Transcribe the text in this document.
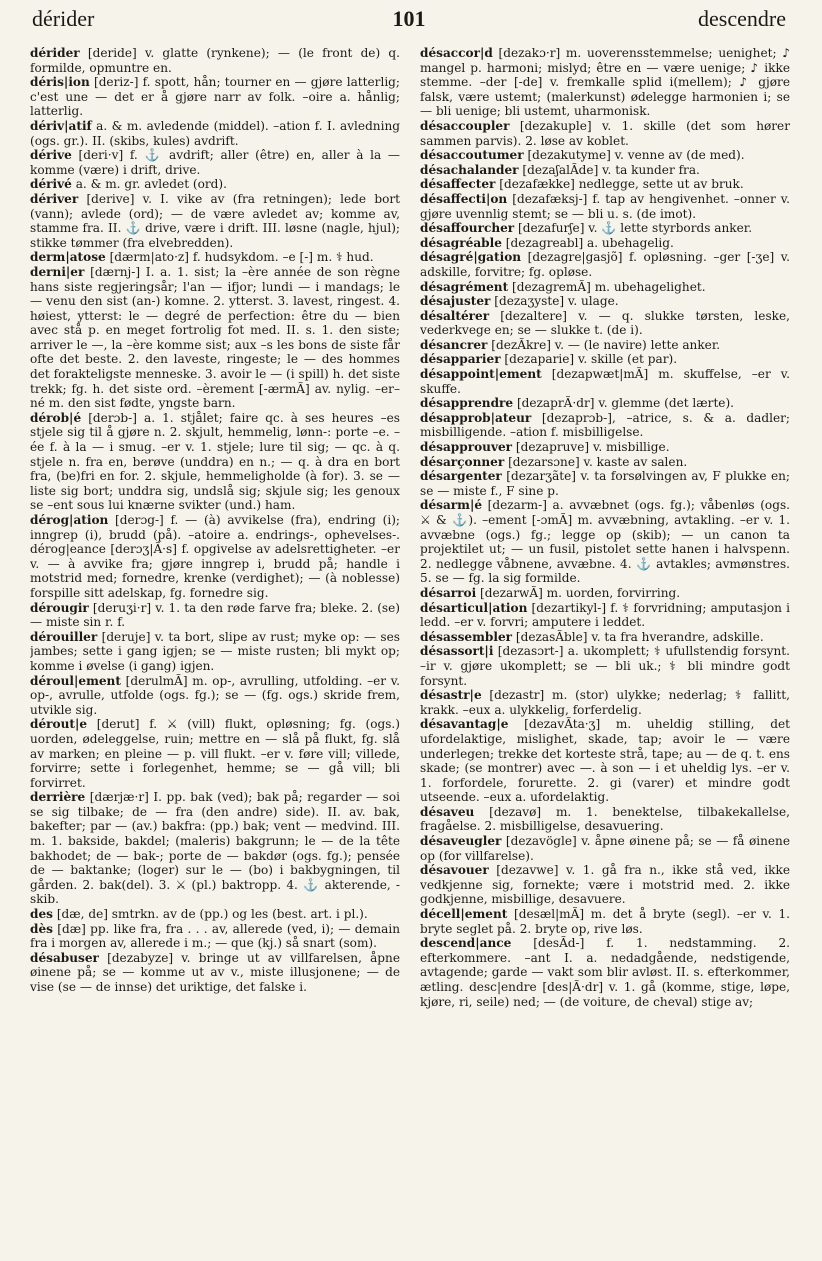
dérider	101	descendre

dérider [deride] v. glatte (rynkene); — (le front de) q. formilde, opmuntre en.

déris|ion [deriz-] f. spott, hån; tourner en — gjøre latterlig; c'est une — det er å gjøre narr av folk. –oire a. hånlig; latterlig.

dériv|atif a. & m. avledende (middel). –ation f. I. avledning (ogs. gr.). II. (skibs, kules) avdrift.

dérive [deri·v] f. ⚓ avdrift; aller (être) en, aller à la — komme (være) i drift, drive.

dérivé a. & m. gr. avledet (ord).

dériver [derive] v. I. vike av (fra retningen); lede bort (vann); avlede (ord); — de være avledet av; komme av, stamme fra. II. ⚓ drive, være i drift. III. løsne (nagle, hjul); stikke tømmer (fra elvebredden).

derm|atose [dærm|ato·z] f. hudsykdom. –e [-] m. ⚕ hud.

derni|er [dærnj-] I. a. 1. sist; la –ère année de son règne hans siste regjeringsår; l'an — ifjor; lundi — i mandags; le — venu den sist (an-) komne. 2. ytterst. 3. lavest, ringest. 4. høiest, ytterst: le — degré de perfection: être du — bien avec stå p. en meget fortrolig fot med. II. s. 1. den siste; arriver le —, la –ère komme sist; aux –s les bons de siste får ofte det beste. 2. den laveste, ringeste; le — des hommes det forakteligste menneske. 3. avoir le — (i spill) h. det siste trekk; fg. h. det siste ord. –èrement [-ærmÃ] av. nylig. –er–né m. den sist fødte, yngste barn.

dérob|é [derɔb-] a. 1. stjålet; faire qc. à ses heures –es stjele sig til å gjøre n. 2. skjult, hemmelig, lønn-: porte –e. –ée f. à la — i smug. –er v. 1. stjele; lure til sig; — qc. à q. stjele n. fra en, berøve (unddra) en n.; — q. à dra en bort fra, (be)fri en for. 2. skjule, hemmeligholde (à for). 3. se — liste sig bort; unddra sig, undslå sig; skjule sig; les genoux se –ent sous lui knærne svikter (und.) ham.

dérog|ation [derɔg-] f. — (à) avvikelse (fra), endring (i); inngrep (i), brudd (på). –atoire a. endrings-, ophevelses-. dérog|eance [derɔʒ|Ã·s] f. opgivelse av adelsrettigheter. –er v. — à avvike fra; gjøre inngrep i, brudd på; handle i motstrid med; fornedre, krenke (verdighet); — (à noblesse) forspille sitt adelskap, fg. fornedre sig.

dérougir [deruʒi·r] v. 1. ta den røde farve fra; bleke. 2. (se) — miste sin r. f.

dérouiller [deruje] v. ta bort, slipe av rust; myke op: — ses jambes; sette i gang igjen; se — miste rusten; bli mykt op; komme i øvelse (i gang) igjen.

déroul|ement [derulmÃ] m. op-, avrulling, utfolding. –er v. op-, avrulle, utfolde (ogs. fg.); se — (fg. ogs.) skride frem, utvikle sig.

dérout|e [derut] f. ⚔ (vill) flukt, opløsning; fg. (ogs.) uorden, ødeleggelse, ruin; mettre en — slå på flukt, fg. slå av marken; en pleine — p. vill flukt. –er v. føre vill; villede, forvirre; sette i forlegenhet, hemme; se — gå vill; bli forvirret.

derrière [dærjæ·r] I. pp. bak (ved); bak på; regarder — soi se sig tilbake; de — fra (den andre) side). II. av. bak, bakefter; par — (av.) bakfra: (pp.) bak; vent — medvind. III. m. 1. bakside, bakdel; (maleris) bakgrunn; le — de la tête bakhodet; de — bak-; porte de — bakdør (ogs. fg.); pensée de — baktanke; (loger) sur le — (bo) i bakbygningen, til gården. 2. bak(del). 3. ⚔ (pl.) baktropp. 4. ⚓ akterende, -skib.

des [dæ, de] smtrkn. av de (pp.) og les (best. art. i pl.).

dès [dæ] pp. like fra, fra . . . av, allerede (ved, i); — demain fra i morgen av, allerede i m.; — que (kj.) så snart (som).

désabuser [dezabyze] v. bringe ut av villfarelsen, åpne øinene på; se — komme ut av v., miste illusjonene; — de vise (se — de innse) det uriktige, det falske i.

désaccor|d [dezakɔ·r] m. uoverensstemmelse; uenighet; ♪ mangel p. harmoni; mislyd; être en — være uenige; ♪ ikke stemme. –der [-de] v. fremkalle splid i(mellem); ♪ gjøre falsk, være ustemt; (malerkunst) ødelegge harmonien i; se — bli uenige; bli ustemt, uharmonisk.

désaccoupler [dezakuple] v. 1. skille (det som hører sammen parvis). 2. løse av koblet.

désaccoutumer [dezakutyme] v. venne av (de med).

désachalander [dezaʃalÃde] v. ta kunder fra.

désaffecter [dezafække] nedlegge, sette ut av bruk.

désaffecti|on [dezafæksj-] f. tap av hengivenhet. –onner v. gjøre uvennlig stemt; se — bli u. s. (de imot).

désaffourcher [dezafurʃe] v. ⚓ lette styrbords anker.

désagréable [dezagreabl] a. ubehagelig.

désagré|gation [dezagre|gasjõ] f. opløsning. –ger [-ʒe] v. adskille, forvitre; fg. opløse.

désagrément [dezagremÃ] m. ubehagelighet.

désajuster [dezaʒyste] v. ulage.

désaltérer [dezaltere] v. — q. slukke tørsten, leske, vederkvege en; se — slukke t. (de i).

désancrer [dezÃkre] v. — (le navire) lette anker.

désapparier [dezaparie] v. skille (et par).

désappoint|ement [dezapwæt|mÃ] m. skuffelse, –er v. skuffe.

désapprendre [dezaprÃ·dr] v. glemme (det lærte).

désapprob|ateur [dezaprɔb-], –atrice, s. & a. dadler; misbilligende. –ation f. misbilligelse.

désapprouver [dezapruve] v. misbillige.

désarçonner [dezarsɔne] v. kaste av salen.

désargenter [dezarʒãte] v. ta forsølvingen av, F plukke en; se — miste f., F sine p.

désarm|é [dezarm-] a. avvæbnet (ogs. fg.); våbenløs (ogs. ⚔ & ⚓). –ement [-ɔmÃ] m. avvæbning, avtakling. –er v. 1. avvæbne (ogs.) fg.; legge op (skib); — un canon ta projektilet ut; — un fusil, pistolet sette hanen i halvspenn. 2. nedlegge våbnene, avvæbne. 4. ⚓ avtakles; avmønstres. 5. se — fg. la sig formilde.

désarroi [dezarwÃ] m. uorden, forvirring.

désarticul|ation [dezartikyl-] f. ⚕ forvridning; amputasjon i ledd. –er v. forvri; amputere i leddet.

désassembler [dezasÃble] v. ta fra hverandre, adskille.

désassort|i [dezasɔrt-] a. ukomplett; ⚕ ufullstendig forsynt. –ir v. gjøre ukomplett; se — bli uk.; ⚕ bli mindre godt forsynt.

désastr|e [dezastr] m. (stor) ulykke; nederlag; ⚕ fallitt, krakk. –eux a. ulykkelig, forferdelig.

désavantag|e [dezavÃta·ʒ] m. uheldig stilling, det ufordelaktige, mislighet, skade, tap; avoir le — være underlegen; trekke det korteste strå, tape; au — de q. t. ens skade; (se montrer) avec —. à son — i et uheldig lys. –er v. 1. forfordele, forurette. 2. gi (varer) et mindre godt utseende. –eux a. ufordelaktig.

désaveu [dezavø] m. 1. benektelse, tilbakekallelse, fragåelse. 2. misbilligelse, desavuering.

désaveugler [dezavögle] v. åpne øinene på; se — få øinene op (for villfarelse).

désavouer [dezavwe] v. 1. gå fra n., ikke stå ved, ikke vedkjenne sig, fornekte; være i motstrid med. 2. ikke godkjenne, misbillige, desavuere.

décell|ement [desæl|mÃ] m. det å bryte (segl). –er v. 1. bryte seglet på. 2. bryte op, rive løs.

descend|ance [desÃd-] f. 1. nedstamming. 2. efterkommere. –ant I. a. nedadgående, nedstigende, avtagende; garde — vakt som blir avløst. II. s. efterkommer, ætling. desc|endre [des|Ã·dr] v. 1. gå (komme, stige, løpe, kjøre, ri, seile) ned; — (de voiture, de cheval) stige av;
